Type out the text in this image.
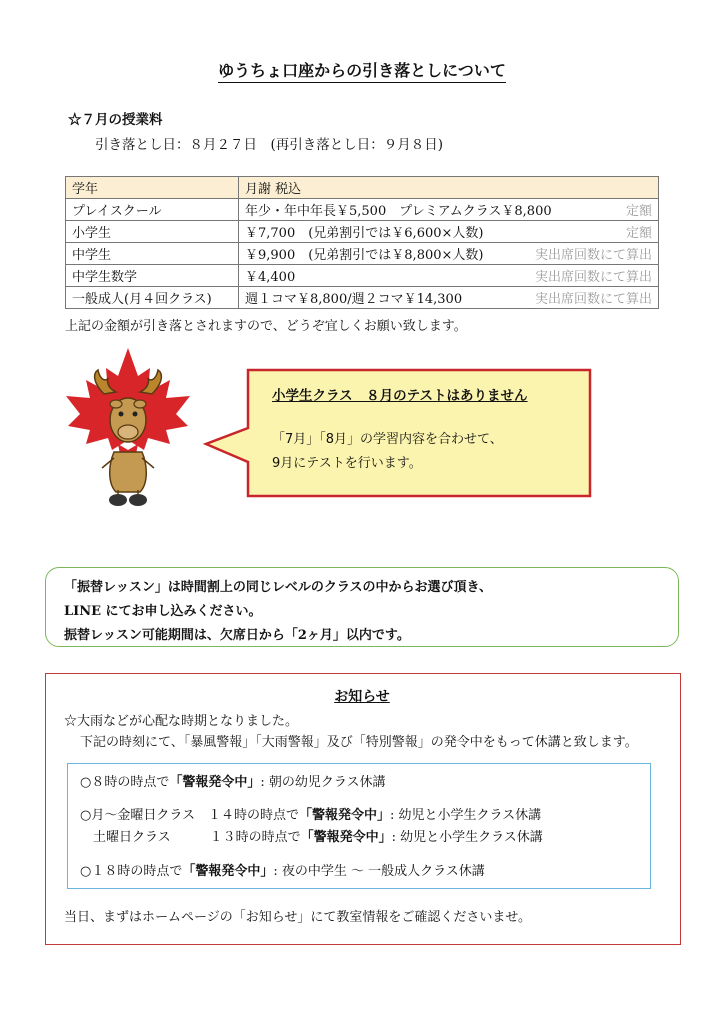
ゆうちょ口座からの引き落としについて
☆７月の授業料
引き落とし日：８月２７日　(再引き落とし日：９月８日)
学年	月謝 税込
プレイスクール	年少・年中年長￥5,500　プレミアムクラス￥8,800 定額

小学生	￥7,700　(兄弟割引では￥6,600×人数) 定額

中学生	￥9,900　(兄弟割引では￥8,800×人数) 実出席回数にて算出

中学生数学	￥4,400 実出席回数にて算出

一般成人(月４回クラス)	週１コマ￥8,800/週２コマ￥14,300 実出席回数にて算出
上記の金額が引き落とされますので、どうぞ宜しくお願い致します。
小学生クラス　８月のテストはありません
「7月」「8月」の学習内容を合わせて、
9月にテストを行います。
「振替レッスン」は時間割上の同じレベルのクラスの中からお選び頂き、
LINE にてお申し込みください。
振替レッスン可能期間は、欠席日から「2ヶ月」以内です。
お知らせ
☆大雨などが心配な時期となりました。
下記の時刻にて、「暴風警報」「大雨警報」及び「特別警報」の発令中をもって休講と致します。
○８時の時点で「警報発令中」: 朝の幼児クラス休講
○月～金曜日クラス　１４時の時点で「警報発令中」: 幼児と小学生クラス休講
　土曜日クラス　　　１３時の時点で「警報発令中」: 幼児と小学生クラス休講
○１８時の時点で「警報発令中」: 夜の中学生 ～ 一般成人クラス休講
当日、まずはホームページの「お知らせ」にて教室情報をご確認くださいませ。
